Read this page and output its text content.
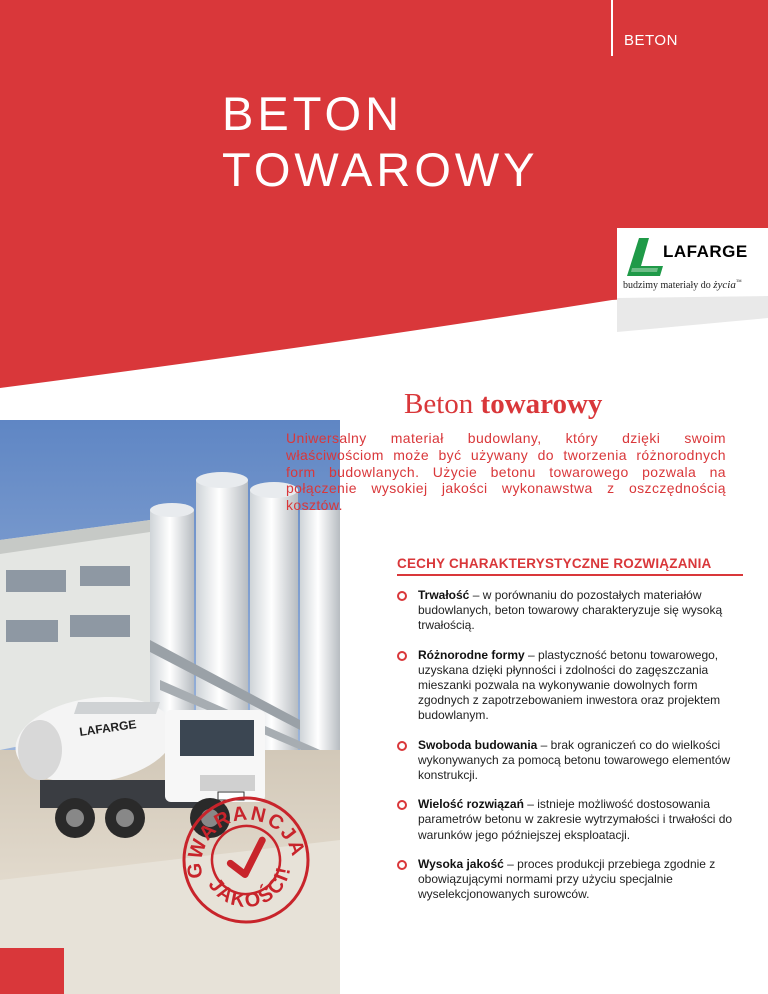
BETON
BETON
TOWAROWY
LAFARGE
budzimy materiały do życia™
LAFARGE
GWARANCJA
JAKOŚCI!
Beton towarowy

Uniwersalny materiał budowlany, który dzięki swoim właściwościom może być używany do tworzenia różnorodnych form budowlanych. Użycie betonu towarowego pozwala na połączenie wysokiej jakości wykonawstwa z oszczędnością kosztów.

CECHY CHARAKTERYSTYCZNE ROZWIĄZANIA
Trwałość – w porównaniu do pozostałych materiałów budowlanych, beton towarowy charakteryzuje się wysoką trwałością.
Różnorodne formy – plastyczność betonu towarowego, uzyskana dzięki płynności i zdolności do zagęszczania mieszanki pozwala na wykonywanie dowolnych form zgodnych z zapotrzebowaniem inwestora oraz projektem budowlanym.
Swoboda budowania – brak ograniczeń co do wielkości wykonywanych za pomocą betonu towarowego elementów konstrukcji.
Wielość rozwiązań – istnieje możliwość dostosowania parametrów betonu w zakresie wytrzymałości i trwałości do warunków jego późniejszej eksploatacji.
Wysoka jakość – proces produkcji przebiega zgodnie z obowiązującymi normami przy użyciu specjalnie wyselekcjonowanych surowców.
